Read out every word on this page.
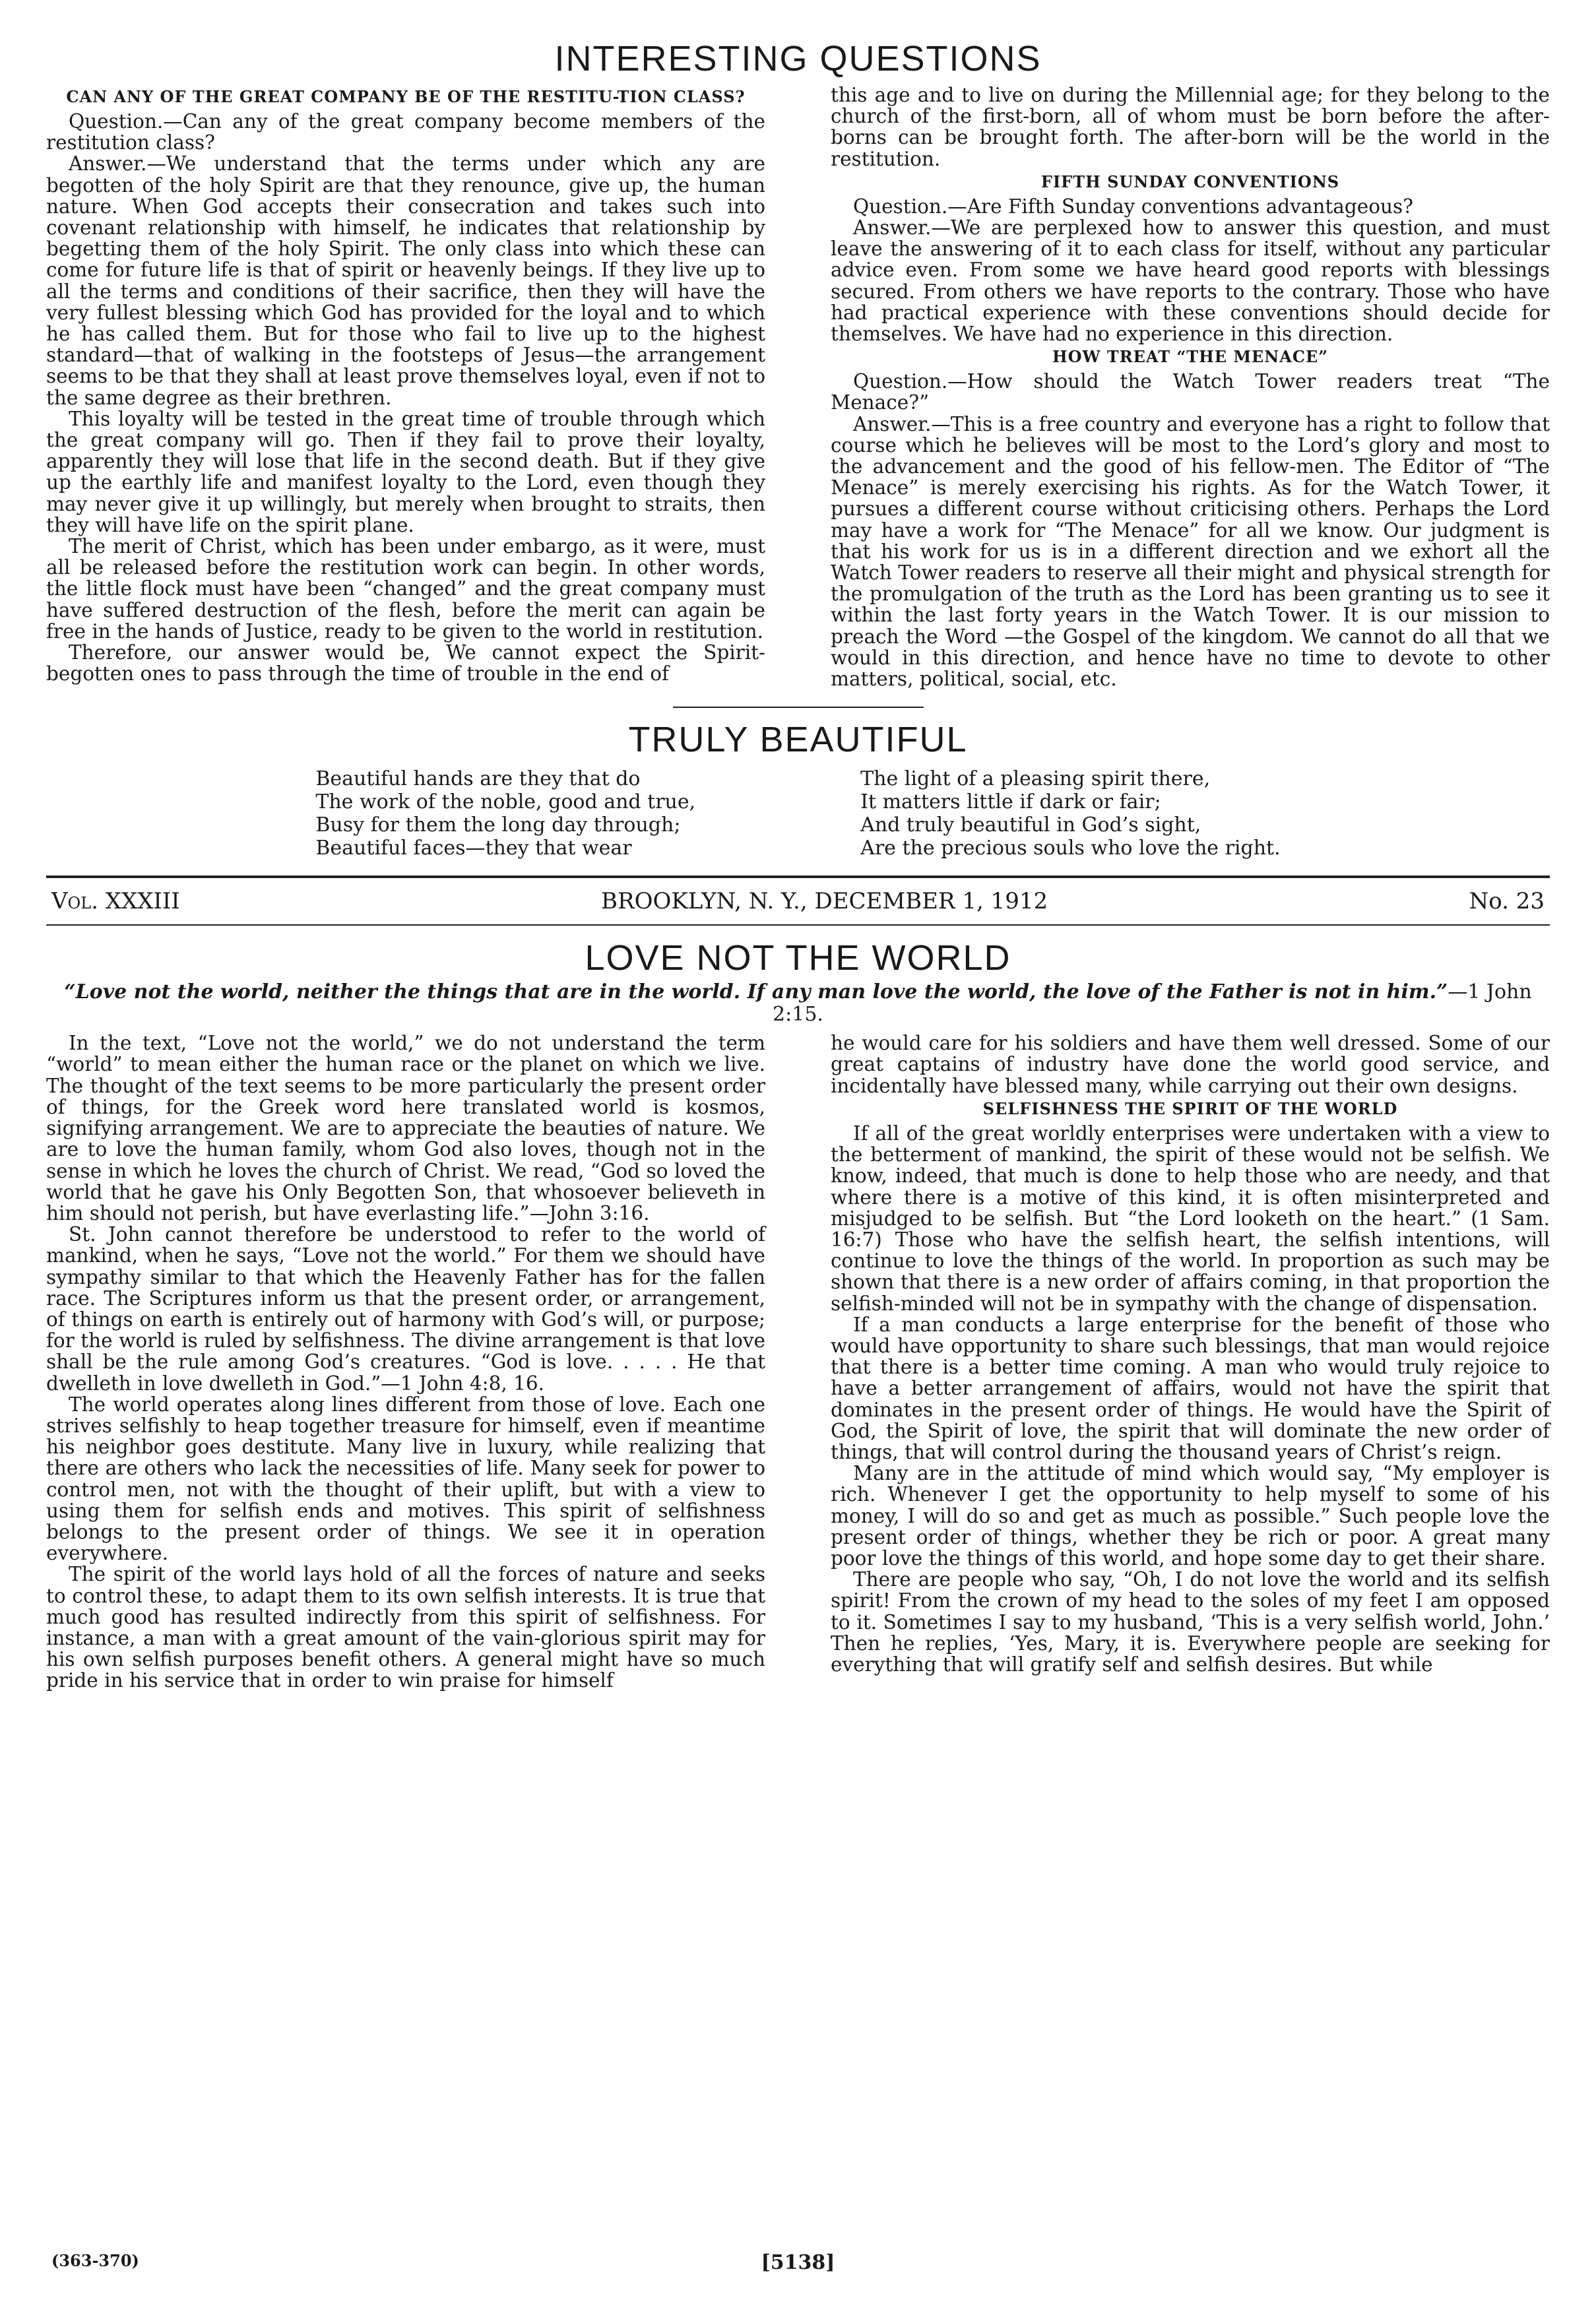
INTERESTING QUESTIONS
CAN ANY OF THE GREAT COMPANY BE OF THE RESTITU-TION CLASS?

Question.—Can any of the great company become members of the restitution class?

Answer.—We understand that the terms under which any are begotten of the holy Spirit are that they renounce, give up, the human nature. When God accepts their consecration and takes such into covenant relationship with himself, he indicates that relationship by begetting them of the holy Spirit. The only class into which these can come for future life is that of spirit or heavenly beings. If they live up to all the terms and conditions of their sacrifice, then they will have the very fullest blessing which God has provided for the loyal and to which he has called them. But for those who fail to live up to the highest standard—that of walking in the footsteps of Jesus—the arrangement seems to be that they shall at least prove themselves loyal, even if not to the same degree as their brethren.

This loyalty will be tested in the great time of trouble through which the great company will go. Then if they fail to prove their loyalty, apparently they will lose that life in the second death. But if they give up the earthly life and manifest loyalty to the Lord, even though they may never give it up willingly, but merely when brought to straits, then they will have life on the spirit plane.

The merit of Christ, which has been under embargo, as it were, must all be released before the restitution work can begin. In other words, the little flock must have been “changed” and the great company must have suffered destruction of the flesh, before the merit can again be free in the hands of Justice, ready to be given to the world in restitution.

Therefore, our answer would be, We cannot expect the Spirit-begotten ones to pass through the time of trouble in the end of

this age and to live on during the Millennial age; for they belong to the church of the first-born, all of whom must be born before the after-borns can be brought forth. The after-born will be the world in the restitution.

FIFTH SUNDAY CONVENTIONS

Question.—Are Fifth Sunday conventions advantageous?

Answer.—We are perplexed how to answer this question, and must leave the answering of it to each class for itself, without any particular advice even. From some we have heard good reports with blessings secured. From others we have reports to the contrary. Those who have had practical experience with these conventions should decide for themselves. We have had no experience in this direction.

HOW TREAT “THE MENACE”

Question.—How should the Watch Tower readers treat “The Menace?”

Answer.—This is a free country and everyone has a right to follow that course which he believes will be most to the Lord’s glory and most to the advancement and the good of his fellow-men. The Editor of “The Menace” is merely exercising his rights. As for the Watch Tower, it pursues a different course without criticising others. Perhaps the Lord may have a work for “The Menace” for all we know. Our judgment is that his work for us is in a different direction and we exhort all the Watch Tower readers to reserve all their might and physical strength for the promulgation of the truth as the Lord has been granting us to see it within the last forty years in the Watch Tower. It is our mission to preach the Word —the Gospel of the kingdom. We cannot do all that we would in this direction, and hence have no time to devote to other matters, political, social, etc.

TRULY BEAUTIFUL
Beautiful hands are they that do
The work of the noble, good and true,
Busy for them the long day through;
Beautiful faces—they that wear
The light of a pleasing spirit there,
It matters little if dark or fair;
And truly beautiful in God’s sight,
Are the precious souls who love the right.
Vol. XXXIII	BROOKLYN, N. Y., DECEMBER 1, 1912	No. 23
LOVE NOT THE WORLD
“Love not the world, neither the things that are in the world. If any man love the world, the love of the Father is not in him.”—1 John 2:15.

In the text, “Love not the world,” we do not understand the term “world” to mean either the human race or the planet on which we live. The thought of the text seems to be more particularly the present order of things, for the Greek word here translated world is kosmos, signifying arrangement. We are to appreciate the beauties of nature. We are to love the human family, whom God also loves, though not in the sense in which he loves the church of Christ. We read, “God so loved the world that he gave his Only Begotten Son, that whosoever believeth in him should not perish, but have everlasting life.”—John 3:16.

St. John cannot therefore be understood to refer to the world of mankind, when he says, “Love not the world.” For them we should have sympathy similar to that which the Heavenly Father has for the fallen race. The Scriptures inform us that the present order, or arrangement, of things on earth is entirely out of harmony with God’s will, or purpose; for the world is ruled by selfishness. The divine arrangement is that love shall be the rule among God’s creatures. “God is love. . . . . He that dwelleth in love dwelleth in God.”—1 John 4:8, 16.

The world operates along lines different from those of love. Each one strives selfishly to heap together treasure for himself, even if meantime his neighbor goes destitute. Many live in luxury, while realizing that there are others who lack the necessities of life. Many seek for power to control men, not with the thought of their uplift, but with a view to using them for selfish ends and motives. This spirit of selfishness belongs to the present order of things. We see it in operation everywhere.

The spirit of the world lays hold of all the forces of nature and seeks to control these, to adapt them to its own selfish interests. It is true that much good has resulted indirectly from this spirit of selfishness. For instance, a man with a great amount of the vain-glorious spirit may for his own selfish purposes benefit others. A general might have so much pride in his service that in order to win praise for himself

he would care for his soldiers and have them well dressed. Some of our great captains of industry have done the world good service, and incidentally have blessed many, while carrying out their own designs.

SELFISHNESS THE SPIRIT OF THE WORLD

If all of the great worldly enterprises were undertaken with a view to the betterment of mankind, the spirit of these would not be selfish. We know, indeed, that much is done to help those who are needy, and that where there is a motive of this kind, it is often misinterpreted and misjudged to be selfish. But “the Lord looketh on the heart.” (1 Sam. 16:7) Those who have the selfish heart, the selfish intentions, will continue to love the things of the world. In proportion as such may be shown that there is a new order of affairs coming, in that proportion the selfish-minded will not be in sympathy with the change of dispensation.

If a man conducts a large enterprise for the benefit of those who would have opportunity to share such blessings, that man would rejoice that there is a better time coming. A man who would truly rejoice to have a better arrangement of affairs, would not have the spirit that dominates in the present order of things. He would have the Spirit of God, the Spirit of love, the spirit that will dominate the new order of things, that will control during the thousand years of Christ’s reign.

Many are in the attitude of mind which would say, “My employer is rich. Whenever I get the opportunity to help myself to some of his money, I will do so and get as much as possible.” Such people love the present order of things, whether they be rich or poor. A great many poor love the things of this world, and hope some day to get their share.

There are people who say, “Oh, I do not love the world and its selfish spirit! From the crown of my head to the soles of my feet I am opposed to it. Sometimes I say to my husband, ‘This is a very selfish world, John.’ Then he replies, ‘Yes, Mary, it is. Everywhere people are seeking for everything that will gratify self and selfish desires. But while

(363-370)	[5138]
